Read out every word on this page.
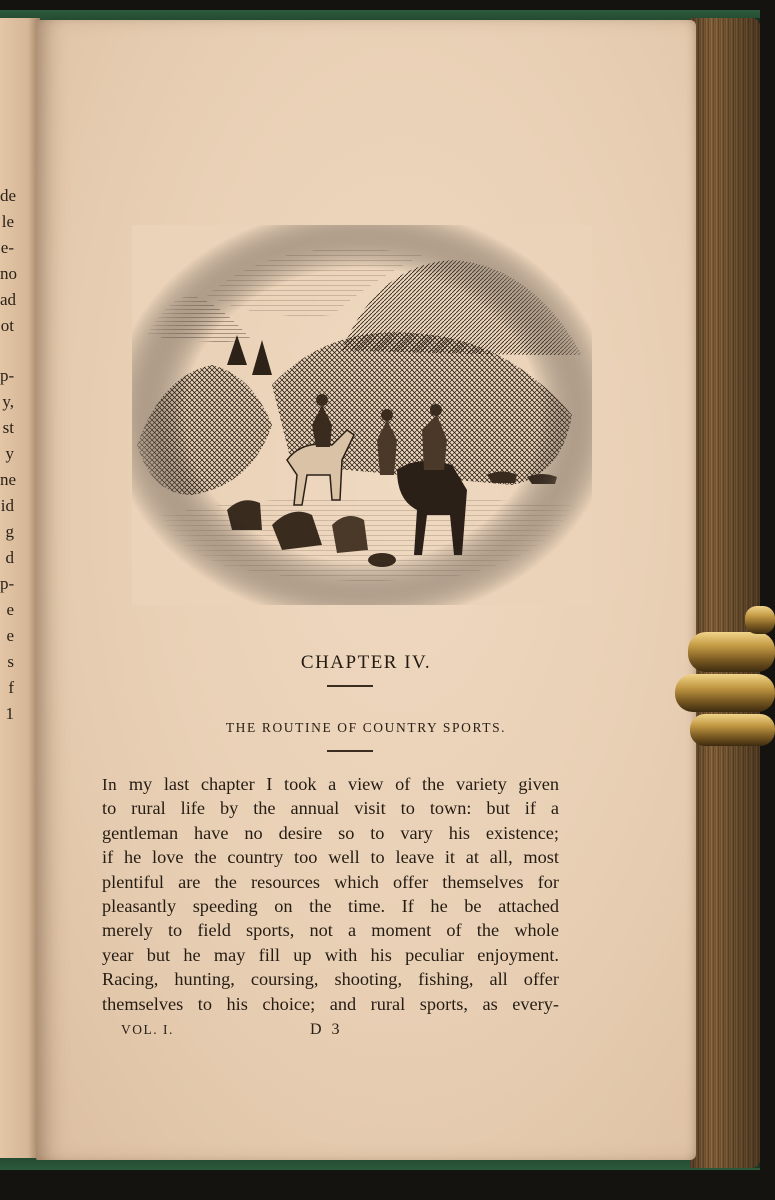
de
le
e-
no
ad
ot
p-
y,
st
y
ne
id
g
d
p-
e
e
s
f
1
CHAPTER IV.
THE ROUTINE OF COUNTRY SPORTS.
In my last chapter I took a view of the variety given
to rural life by the annual visit to town: but if a
gentleman have no desire so to vary his existence;
if he love the country too well to leave it at all, most
plentiful are the resources which offer themselves for
pleasantly speeding on the time. If he be attached
merely to field sports, not a moment of the whole
year but he may fill up with his peculiar enjoyment.
Racing, hunting, coursing, shooting, fishing, all offer
themselves to his choice; and rural sports, as every-
VOL. I.	D 3
